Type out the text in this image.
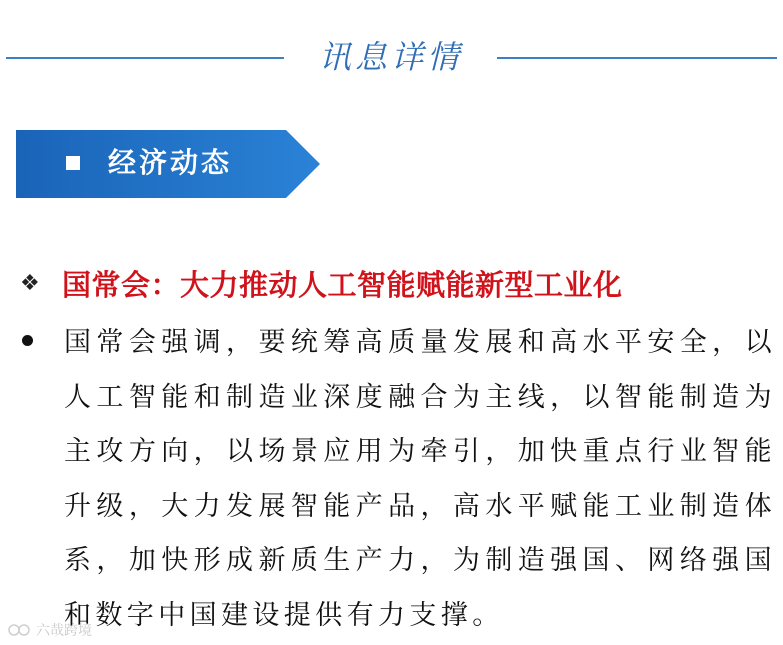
讯息详情
经济动态
❖ 国常会：大力推动人工智能赋能新型工业化
国常会强调，要统筹高质量发展和高水平安全，以人工智能和制造业深度融合为主线，以智能制造为主攻方向，以场景应用为牵引，加快重点行业智能升级，大力发展智能产品，高水平赋能工业制造体系，加快形成新质生产力，为制造强国、网络强国和数字中国建设提供有力支撑。
六哉跨境
